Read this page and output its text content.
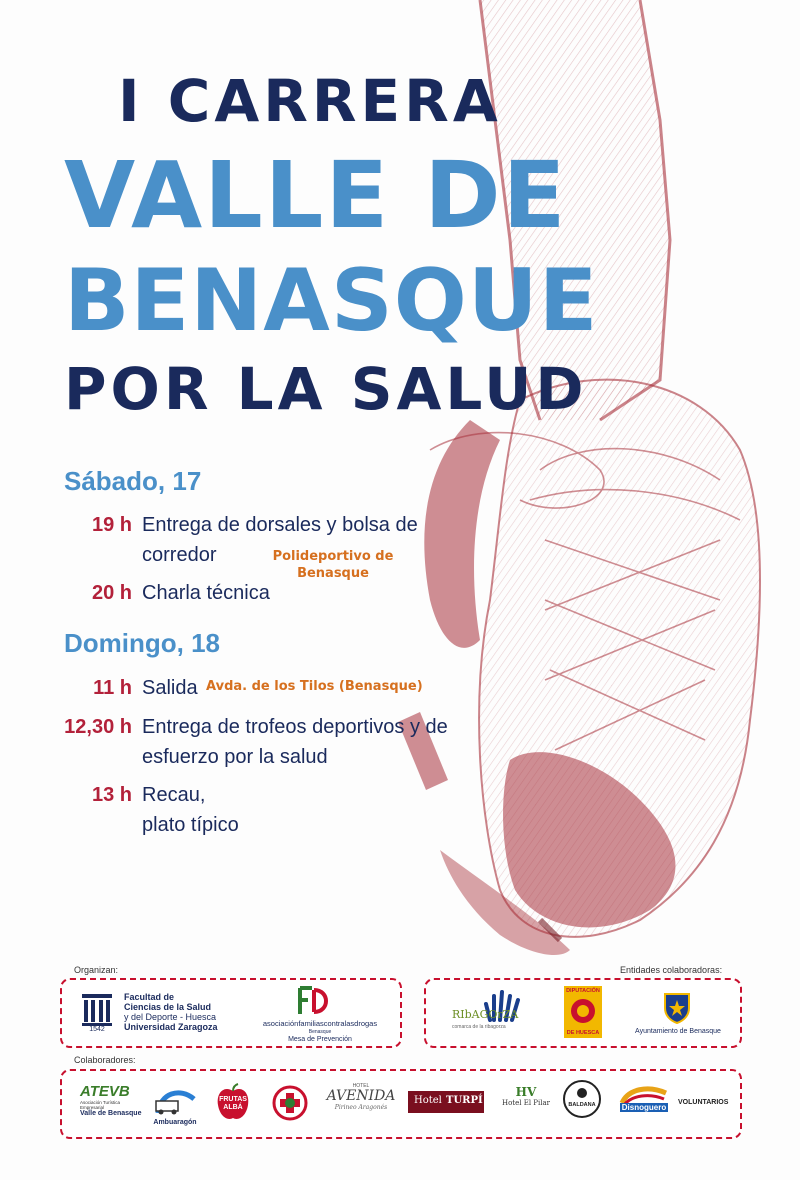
I CARRERA
VALLE DE
BENASQUE
POR LA SALUD
Sábado, 17
19 h Entrega de dorsales y bolsa de corredor
20 h Charla técnica
Polideportivo de Benasque
Domingo, 18
11 h Salida
12,30 h Entrega de trofeos deportivos y de esfuerzo por la salud
13 h Recau, plato típico
Avda. de los Tilos (Benasque)
Organizan:
1542
Facultad de
Ciencias de la Salud
y del Deporte - Huesca
Universidad Zaragoza	asociaciónfamiliascontralasdrogas
Benasque
Mesa de Prevención
Entidades colaboradoras:
RIbAGOrZA
comarca de la ribagorza
DIPUTACIÓN
DE HUESCA	Ayuntamiento de Benasque
Colaboradores:
ATEVB
Asociación Turística Empresarial
Valle de Benasque
Ambuaragón
FRUTAS
ALBÁ
HOTEL
AVENIDA
Pirineo Aragonés
Hotel TURPÍ
HV
Hotel El Pilar	BALDANA	Disnoguero
VOLUNTARIOS
